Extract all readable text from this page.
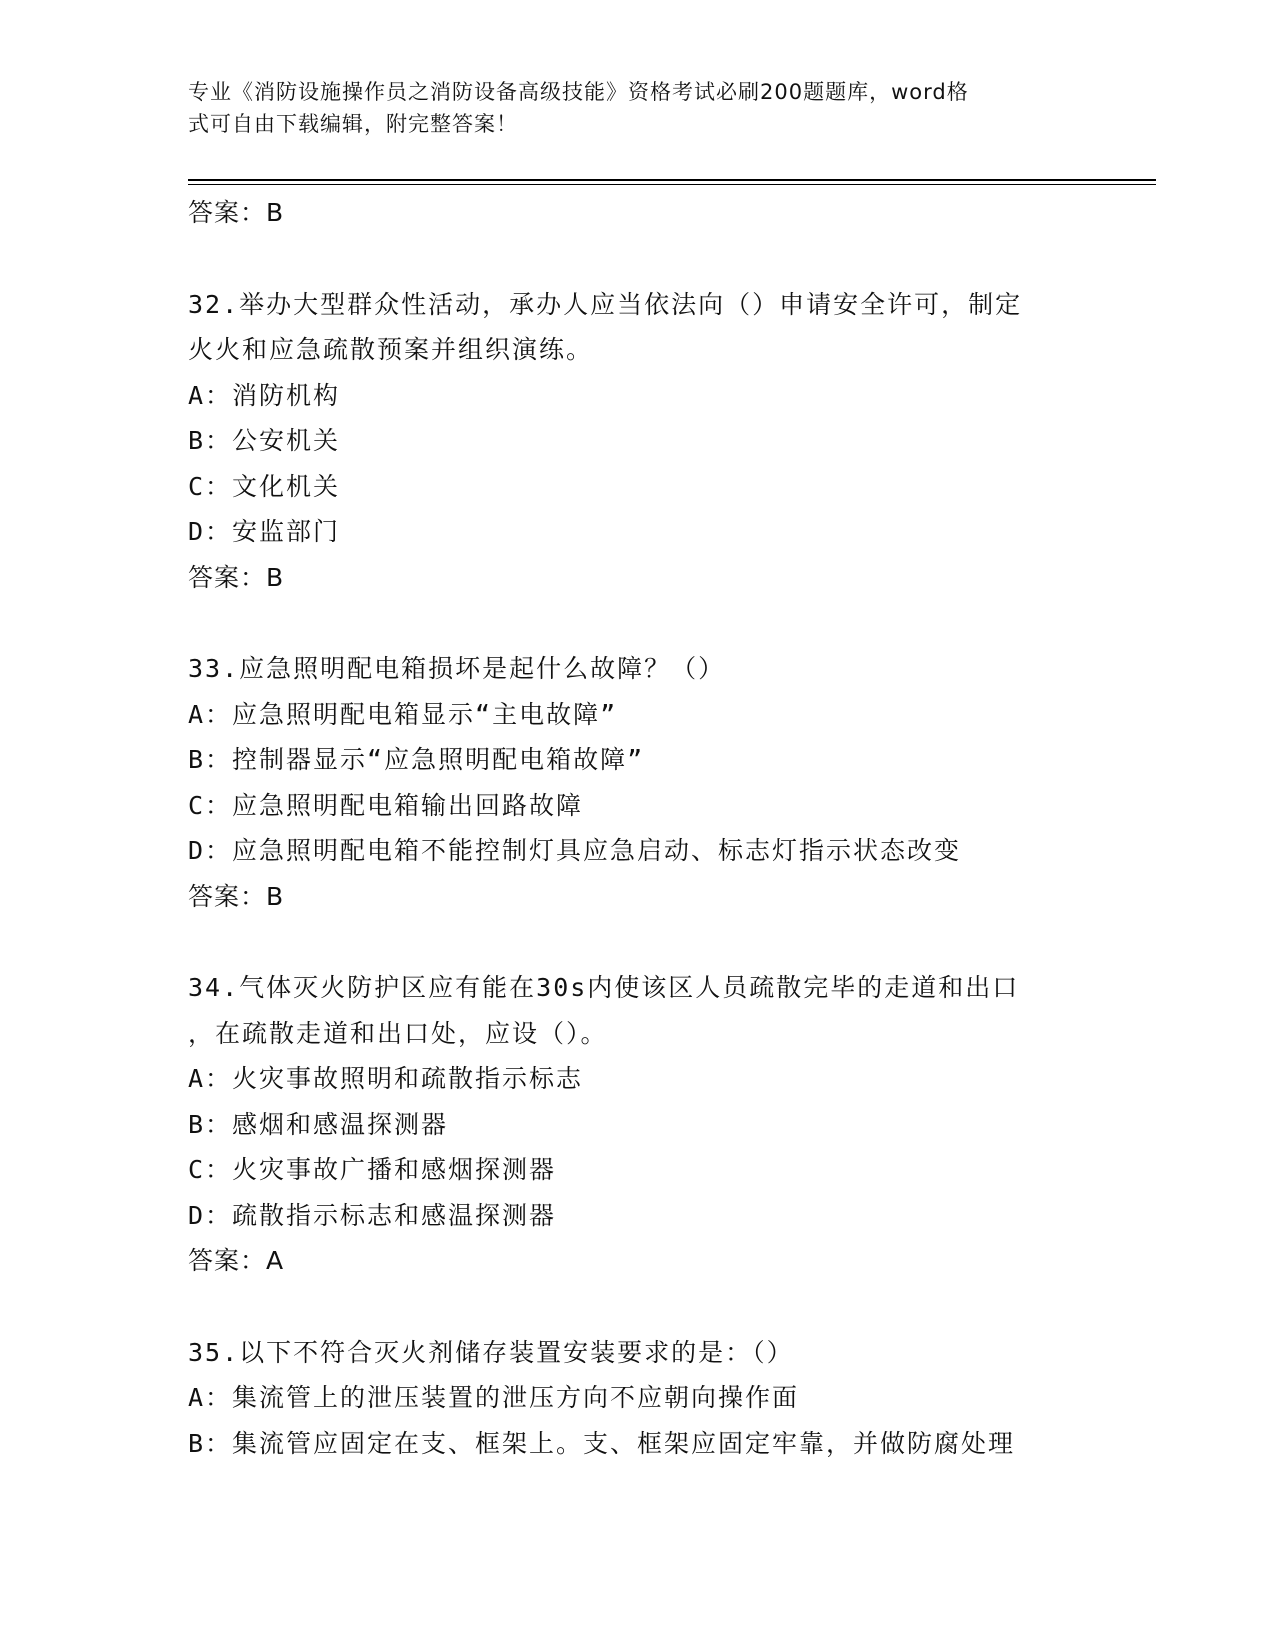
专业《消防设施操作员之消防设备高级技能》资格考试必刷200题题库，word格
式可自由下载编辑，附完整答案！
答案：B
32.举办大型群众性活动，承办人应当依法向（）申请安全许可，制定
火火和应急疏散预案并组织演练。
A：消防机构
B：公安机关
C：文化机关
D：安监部门
答案：B
33.应急照明配电箱损坏是起什么故障？（）
A：应急照明配电箱显示“主电故障”
B：控制器显示“应急照明配电箱故障”
C：应急照明配电箱输出回路故障
D：应急照明配电箱不能控制灯具应急启动、标志灯指示状态改变
答案：B
34.气体灭火防护区应有能在30s内使该区人员疏散完毕的走道和出口
，在疏散走道和出口处，应设（）。
A：火灾事故照明和疏散指示标志
B：感烟和感温探测器
C：火灾事故广播和感烟探测器
D：疏散指示标志和感温探测器
答案：A
35.以下不符合灭火剂储存装置安装要求的是：（）
A：集流管上的泄压装置的泄压方向不应朝向操作面
B：集流管应固定在支、框架上。支、框架应固定牢靠，并做防腐处理
